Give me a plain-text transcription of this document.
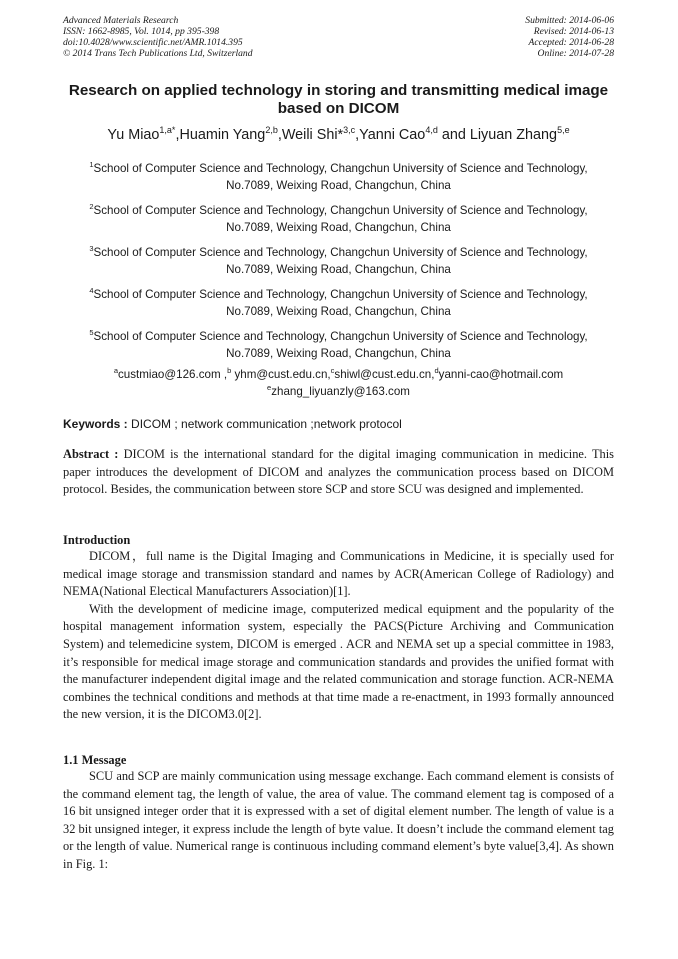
Advanced Materials Research
ISSN: 1662-8985, Vol. 1014, pp 395-398
doi:10.4028/www.scientific.net/AMR.1014.395
© 2014 Trans Tech Publications Ltd, Switzerland
Submitted: 2014-06-06
Revised: 2014-06-13
Accepted: 2014-06-28
Online: 2014-07-28
Research on applied technology in storing and transmitting medical image based on DICOM
Yu Miao$^{1,a*}$,Huamin Yang$^{2,b}$,Weili Shi*$^{3,c}$,Yanni Cao$^{4,d}$ and Liyuan Zhang$^{5,e}$
$^1$School of Computer Science and Technology, Changchun University of Science and Technology,
No.7089, Weixing Road, Changchun, China
$^2$School of Computer Science and Technology, Changchun University of Science and Technology,
No.7089, Weixing Road, Changchun, China
$^3$School of Computer Science and Technology, Changchun University of Science and Technology,
No.7089, Weixing Road, Changchun, China
$^4$School of Computer Science and Technology, Changchun University of Science and Technology,
No.7089, Weixing Road, Changchun, China
$^5$School of Computer Science and Technology, Changchun University of Science and Technology,
No.7089, Weixing Road, Changchun, China
$^a$custmiao@126.com ,$^b$ yhm@cust.edu.cn,$^c$shiwl@cust.edu.cn,$^d$yanni-cao@hotmail.com
$^e$zhang_liyuanzly@163.com
Keywords : DICOM ; network communication ;network protocol
Abstract : DICOM is the international standard for the digital imaging communication in medicine. This paper introduces the development of DICOM and analyzes the communication process based on DICOM protocol. Besides, the communication between store SCP and store SCU was designed and implemented.
Introduction

DICOM，full name is the Digital Imaging and Communications in Medicine, it is specially used for medical image storage and transmission standard and names by ACR(American College of Radiology) and NEMA(National Electical Manufacturers Association)[1].

With the development of medicine image, computerized medical equipment and the popularity of the hospital management information system, especially the PACS(Picture Archiving and Communication System) and telemedicine system, DICOM is emerged . ACR and NEMA set up a special committee in 1983, it’s responsible for medical image storage and communication standards and provides the unified format with the manufacturer independent digital image and the related communication and storage function. ACR-NEMA combines the technical conditions and methods at that time made a re-enactment, in 1993 formally announced the new version, it is the DICOM3.0[2].

1.1 Message

SCU and SCP are mainly communication using message exchange. Each command element is consists of the command element tag, the length of value, the area of value. The command element tag is composed of a 16 bit unsigned integer order that it is expressed with a set of digital element number. The length of value is a 32 bit unsigned integer, it express include the length of byte value. It doesn’t include the command element tag or the length of value. Numerical range is continuous including command element’s byte value[3,4]. As shown in Fig. 1:
